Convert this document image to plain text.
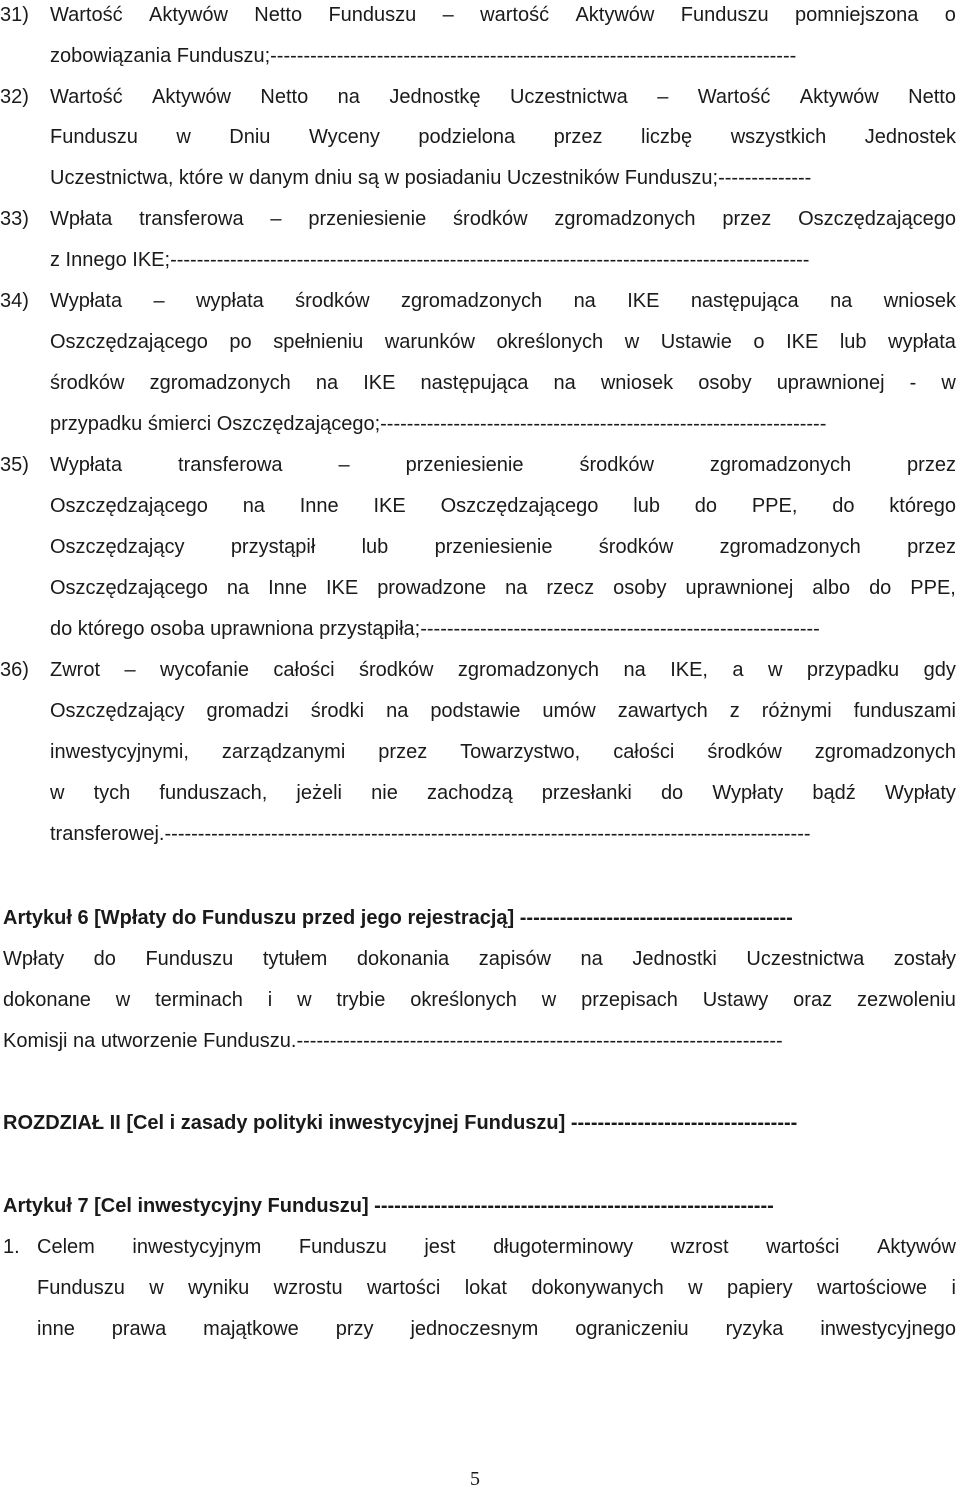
31) Wartość Aktywów Netto Funduszu – wartość Aktywów Funduszu pomniejszona o
zobowiązania Funduszu;-------------------------------------------------------------------------------
32) Wartość Aktywów Netto na Jednostkę Uczestnictwa – Wartość Aktywów Netto
Funduszu w Dniu Wyceny podzielona przez liczbę wszystkich Jednostek
Uczestnictwa, które w danym dniu są w posiadaniu Uczestników Funduszu;--------------
33) Wpłata transferowa – przeniesienie środków zgromadzonych przez Oszczędzającego
z Innego IKE;------------------------------------------------------------------------------------------------
34) Wypłata – wypłata środków zgromadzonych na IKE następująca na wniosek
Oszczędzającego po spełnieniu warunków określonych w Ustawie o IKE lub wypłata
środków zgromadzonych na IKE następująca na wniosek osoby uprawnionej - w
przypadku śmierci Oszczędzającego;-------------------------------------------------------------------
35) Wypłata	transferowa	–	przeniesienie	środków	zgromadzonych	przez
Oszczędzającego na Inne IKE Oszczędzającego lub do PPE, do którego
Oszczędzający przystąpił lub przeniesienie środków zgromadzonych przez
Oszczędzającego na Inne IKE prowadzone na rzecz osoby uprawnionej albo do PPE,
do którego osoba uprawniona przystąpiła;------------------------------------------------------------
36) Zwrot – wycofanie całości środków zgromadzonych na IKE, a w przypadku gdy
Oszczędzający gromadzi środki na podstawie umów zawartych z różnymi funduszami
inwestycyjnymi, zarządzanymi przez Towarzystwo, całości środków zgromadzonych
w tych funduszach, jeżeli nie zachodzą przesłanki do Wypłaty bądź Wypłaty
transferowej.-------------------------------------------------------------------------------------------------
Artykuł 6 [Wpłaty do Funduszu przed jego rejestracją] -----------------------------------------
Wpłaty do Funduszu tytułem dokonania zapisów na Jednostki Uczestnictwa zostały
dokonane w terminach i w trybie określonych w przepisach Ustawy oraz zezwoleniu
Komisji na utworzenie Funduszu.-------------------------------------------------------------------------
ROZDZIAŁ II [Cel i zasady polityki inwestycyjnej Funduszu] ----------------------------------
Artykuł 7 [Cel inwestycyjny Funduszu] ------------------------------------------------------------
1. Celem inwestycyjnym Funduszu jest długoterminowy wzrost wartości Aktywów
Funduszu w wyniku wzrostu wartości lokat dokonywanych w papiery wartościowe i
inne prawa majątkowe przy jednoczesnym ograniczeniu ryzyka inwestycyjnego
5
